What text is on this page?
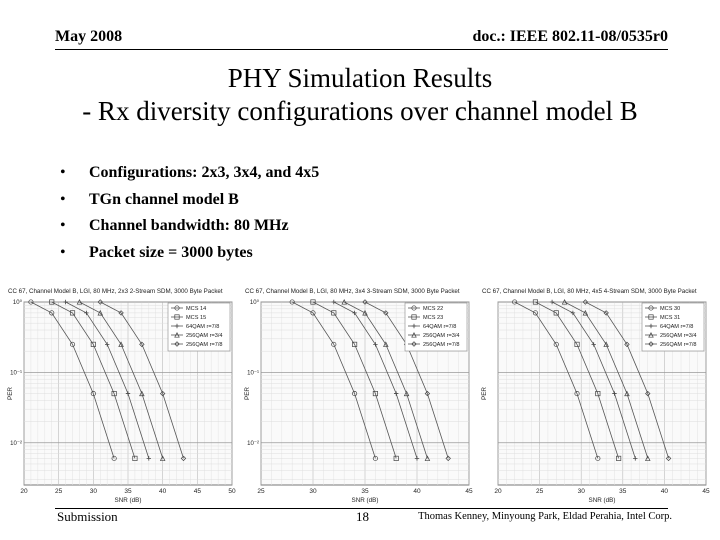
May 2008	doc.: IEEE 802.11-08/0535r0
PHY Simulation Results
- Rx diversity configurations over channel model B
• Configurations: 2x3, 3x4, and 4x5
• TGn channel model B
• Channel bandwidth: 80 MHz
• Packet size = 3000 bytes
CC 67, Channel Model B, LGI, 80 MHz, 2x3 2-Stream SDM, 3000 Byte Packet
20	25	30	35	40	45	50
10⁰
10⁻¹
10⁻²
SNR (dB)
PER
MCS 14
MCS 15
64QAM r=7/8
256QAM r=3/4
256QAM r=7/8
CC 67, Channel Model B, LGI, 80 MHz, 3x4 3-Stream SDM, 3000 Byte Packet
25	30	35	40	45
10⁰
10⁻¹
10⁻²
SNR (dB)
PER
MCS 22
MCS 23
64QAM r=7/8
256QAM r=3/4
256QAM r=7/8
CC 67, Channel Model B, LGI, 80 MHz, 4x5 4-Stream SDM, 3000 Byte Packet
20	25	30	35	40	45
SNR (dB)
PER
MCS 30
MCS 31
64QAM r=7/8
256QAM r=3/4
256QAM r=7/8
Submission	18	Thomas Kenney, Minyoung Park, Eldad Perahia, Intel Corp.
